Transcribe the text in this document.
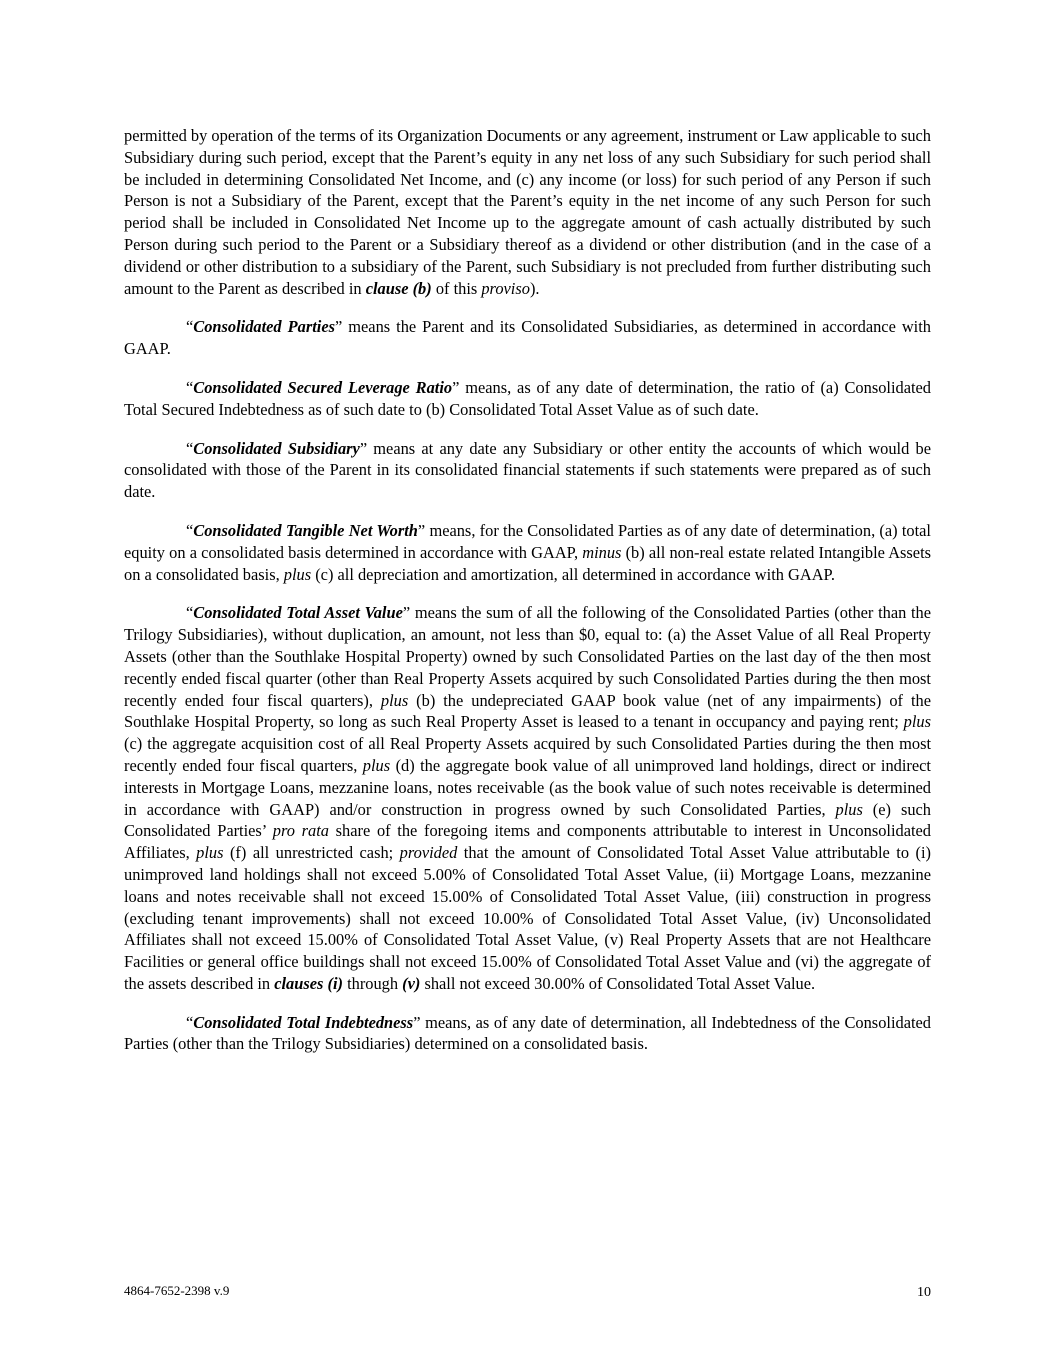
permitted by operation of the terms of its Organization Documents or any agreement, instrument or Law applicable to such Subsidiary during such period, except that the Parent’s equity in any net loss of any such Subsidiary for such period shall be included in determining Consolidated Net Income, and (c) any income (or loss) for such period of any Person if such Person is not a Subsidiary of the Parent, except that the Parent’s equity in the net income of any such Person for such period shall be included in Consolidated Net Income up to the aggregate amount of cash actually distributed by such Person during such period to the Parent or a Subsidiary thereof as a dividend or other distribution (and in the case of a dividend or other distribution to a subsidiary of the Parent, such Subsidiary is not precluded from further distributing such amount to the Parent as described in clause (b) of this proviso).

“Consolidated Parties” means the Parent and its Consolidated Subsidiaries, as determined in accordance with GAAP.

“Consolidated Secured Leverage Ratio” means, as of any date of determination, the ratio of (a) Consolidated Total Secured Indebtedness as of such date to (b) Consolidated Total Asset Value as of such date.

“Consolidated Subsidiary” means at any date any Subsidiary or other entity the accounts of which would be consolidated with those of the Parent in its consolidated financial statements if such statements were prepared as of such date.

“Consolidated Tangible Net Worth” means, for the Consolidated Parties as of any date of determination, (a) total equity on a consolidated basis determined in accordance with GAAP, minus (b) all non-real estate related Intangible Assets on a consolidated basis, plus (c) all depreciation and amortization, all determined in accordance with GAAP.

“Consolidated Total Asset Value” means the sum of all the following of the Consolidated Parties (other than the Trilogy Subsidiaries), without duplication, an amount, not less than $0, equal to: (a) the Asset Value of all Real Property Assets (other than the Southlake Hospital Property) owned by such Consolidated Parties on the last day of the then most recently ended fiscal quarter (other than Real Property Assets acquired by such Consolidated Parties during the then most recently ended four fiscal quarters), plus (b) the undepreciated GAAP book value (net of any impairments) of the Southlake Hospital Property, so long as such Real Property Asset is leased to a tenant in occupancy and paying rent; plus (c) the aggregate acquisition cost of all Real Property Assets acquired by such Consolidated Parties during the then most recently ended four fiscal quarters, plus (d) the aggregate book value of all unimproved land holdings, direct or indirect interests in Mortgage Loans, mezzanine loans, notes receivable (as the book value of such notes receivable is determined in accordance with GAAP) and/or construction in progress owned by such Consolidated Parties, plus (e) such Consolidated Parties’ pro rata share of the foregoing items and components attributable to interest in Unconsolidated Affiliates, plus (f) all unrestricted cash; provided that the amount of Consolidated Total Asset Value attributable to (i) unimproved land holdings shall not exceed 5.00% of Consolidated Total Asset Value, (ii) Mortgage Loans, mezzanine loans and notes receivable shall not exceed 15.00% of Consolidated Total Asset Value, (iii) construction in progress (excluding tenant improvements) shall not exceed 10.00% of Consolidated Total Asset Value, (iv) Unconsolidated Affiliates shall not exceed 15.00% of Consolidated Total Asset Value, (v) Real Property Assets that are not Healthcare Facilities or general office buildings shall not exceed 15.00% of Consolidated Total Asset Value and (vi) the aggregate of the assets described in clauses (i) through (v) shall not exceed 30.00% of Consolidated Total Asset Value.

“Consolidated Total Indebtedness” means, as of any date of determination, all Indebtedness of the Consolidated Parties (other than the Trilogy Subsidiaries) determined on a consolidated basis.

4864-7652-2398 v.9	10
